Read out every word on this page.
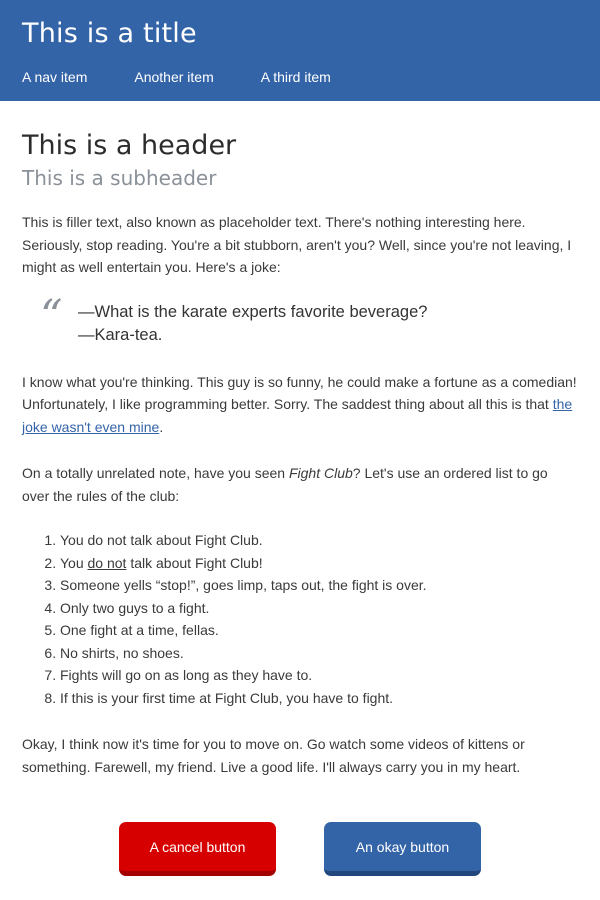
This is a title
A nav item	Another item	A third item
This is a header
This is a subheader

This is filler text, also known as placeholder text. There's nothing interesting here. Seriously, stop reading. You're a bit stubborn, aren't you? Well, since you're not leaving, I might as well entertain you. Here's a joke:

“ —What is the karate experts favorite beverage?
—Kara-tea.

I know what you're thinking. This guy is so funny, he could make a fortune as a comedian! Unfortunately, I like programming better. Sorry. The saddest thing about all this is that the joke wasn't even mine.

On a totally unrelated note, have you seen Fight Club? Let's use an ordered list to go over the rules of the club:

1. You do not talk about Fight Club.
2. You do not talk about Fight Club!
3. Someone yells “stop!”, goes limp, taps out, the fight is over.
4. Only two guys to a fight.
5. One fight at a time, fellas.
6. No shirts, no shoes.
7. Fights will go on as long as they have to.
8. If this is your first time at Fight Club, you have to fight.

Okay, I think now it's time for you to move on. Go watch some videos of kittens or something. Farewell, my friend. Live a good life. I'll always carry you in my heart.

A cancel button	An okay button
